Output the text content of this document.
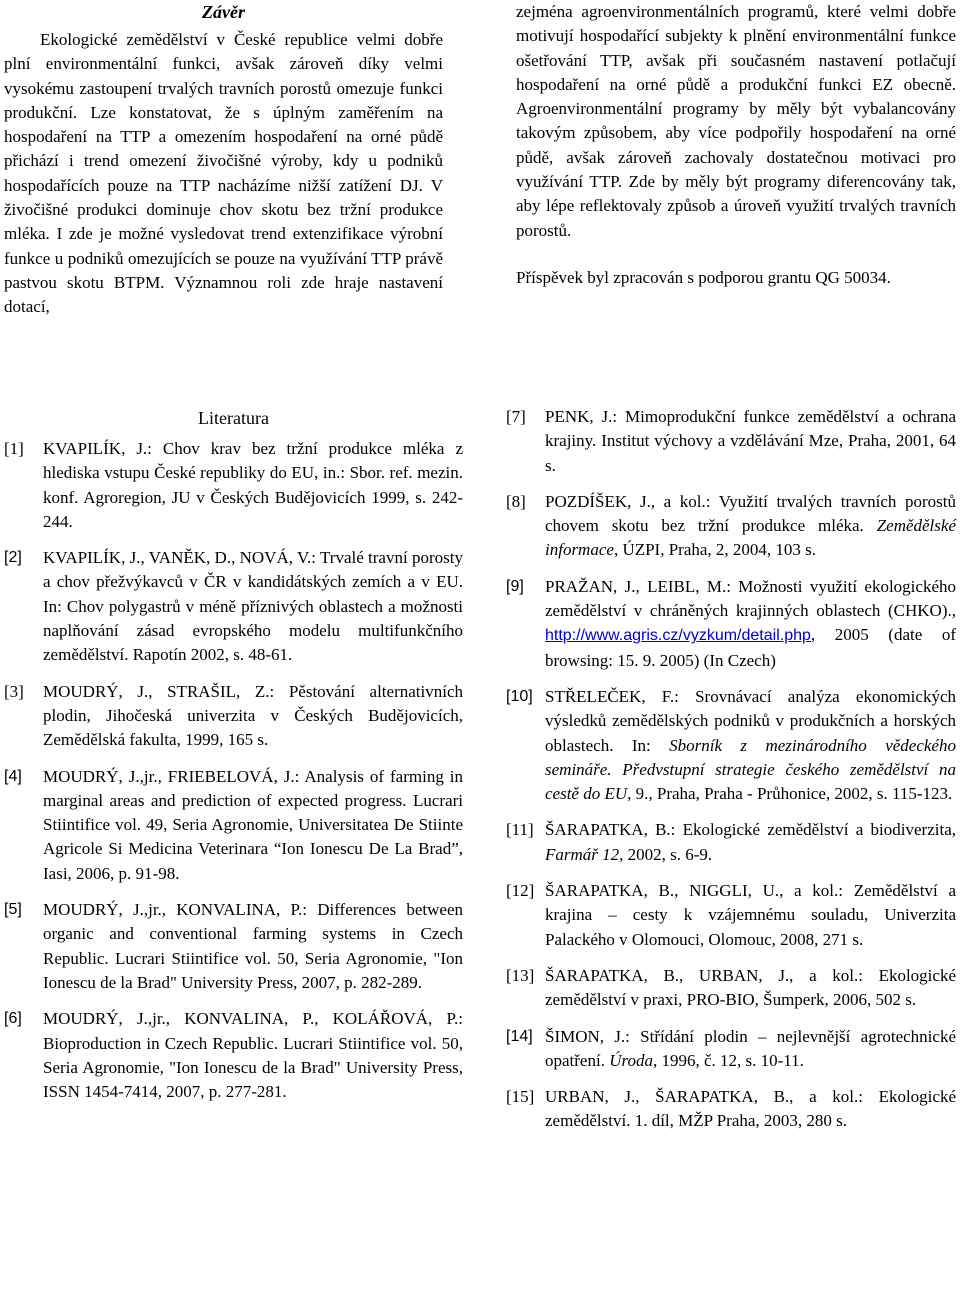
Závěr

Ekologické zemědělství v České republice velmi dobře plní environmentální funkci, avšak zároveň díky velmi vysokému zastoupení trvalých travních porostů omezuje funkci produkční. Lze konstatovat, že s úplným zaměřením na hospodaření na TTP a omezením hospodaření na orné půdě přichází i trend omezení živočišné výroby, kdy u podniků hospodařících pouze na TTP nacházíme nižší zatížení DJ. V živočišné produkci dominuje chov skotu bez tržní produkce mléka. I zde je možné vysledovat trend extenzifikace výrobní funkce u podniků omezujících se pouze na využívání TTP právě pastvou skotu BTPM. Významnou roli zde hraje nastavení dotací,

zejména agroenvironmentálních programů, které velmi dobře motivují hospodařící subjekty k plnění environmentální funkce ošetřování TTP, avšak při současném nastavení potlačují hospodaření na orné půdě a produkční funkci EZ obecně. Agroenvironmentální programy by měly být vybalancovány takovým způsobem, aby více podpořily hospodaření na orné půdě, avšak zároveň zachovaly dostatečnou motivaci pro využívání TTP. Zde by měly být programy diferencovány tak, aby lépe reflektovaly způsob a úroveň využití trvalých travních porostů.

Příspěvek byl zpracován s podporou grantu QG 50034.

Literatura
[1]	KVAPILÍK, J.: Chov krav bez tržní produkce mléka z hlediska vstupu České republiky do EU, in.: Sbor. ref. mezin. konf. Agroregion, JU v Českých Budějovicích 1999, s. 242-244.
[2]	KVAPILÍK, J., VANĚK, D., NOVÁ, V.: Trvalé travní porosty a chov přežvýkavců v ČR v kandidátských zemích a v EU. In: Chov polygastrů v méně příznivých oblastech a možnosti naplňování zásad evropského modelu multifunkčního zemědělství. Rapotín 2002, s. 48-61.
[3]	MOUDRÝ, J., STRAŠIL, Z.: Pěstování alternativních plodin, Jihočeská univerzita v Českých Budějovicích, Zemědělská fakulta, 1999, 165 s.
[4]	MOUDRÝ, J.,jr., FRIEBELOVÁ, J.: Analysis of farming in marginal areas and prediction of expected progress. Lucrari Stiintifice vol. 49, Seria Agronomie, Universitatea De Stiinte Agricole Si Medicina Veterinara “Ion Ionescu De La Brad”, Iasi, 2006, p. 91-98.
[5]	MOUDRÝ, J.,jr., KONVALINA, P.: Differences between organic and conventional farming systems in Czech Republic. Lucrari Stiintifice vol. 50, Seria Agronomie, "Ion Ionescu de la Brad" University Press, 2007, p. 282-289.
[6]	MOUDRÝ, J.,jr., KONVALINA, P., KOLÁŘOVÁ, P.: Bioproduction in Czech Republic. Lucrari Stiintifice vol. 50, Seria Agronomie, "Ion Ionescu de la Brad" University Press, ISSN 1454-7414, 2007, p. 277-281.
[7]	PENK, J.: Mimoprodukční funkce zemědělství a ochrana krajiny. Institut výchovy a vzdělávání Mze, Praha, 2001, 64 s.
[8]	POZDÍŠEK, J., a kol.: Využití trvalých travních porostů chovem skotu bez tržní produkce mléka. Zemědělské informace, ÚZPI, Praha, 2, 2004, 103 s.
[9]	PRAŽAN, J., LEIBL, M.: Možnosti využití ekologického zemědělství v chráněných krajinných oblastech (CHKO)., http://www.agris.cz/vyzkum/detail.php, 2005 (date of browsing: 15. 9. 2005) (In Czech)
[10] STŘELEČEK, F.: Srovnávací analýza ekonomických výsledků zemědělských podniků v produkčních a horských oblastech. In: Sborník z mezinárodního vědeckého semináře. Předvstupní strategie českého zemědělství na cestě do EU, 9., Praha, Praha - Průhonice, 2002, s. 115-123.
[11] ŠARAPATKA, B.: Ekologické zemědělství a biodiverzita, Farmář 12, 2002, s. 6-9.
[12] ŠARAPATKA, B., NIGGLI, U., a kol.: Zemědělství a krajina – cesty k vzájemnému souladu, Univerzita Palackého v Olomouci, Olomouc, 2008, 271 s.
[13] ŠARAPATKA, B., URBAN, J., a kol.: Ekologické zemědělství v praxi, PRO-BIO, Šumperk, 2006, 502 s.
[14] ŠIMON, J.: Střídání plodin – nejlevnější agrotechnické opatření. Úroda, 1996, č. 12, s. 10-11.
[15] URBAN, J., ŠARAPATKA, B., a kol.: Ekologické zemědělství. 1. díl, MŽP Praha, 2003, 280 s.
